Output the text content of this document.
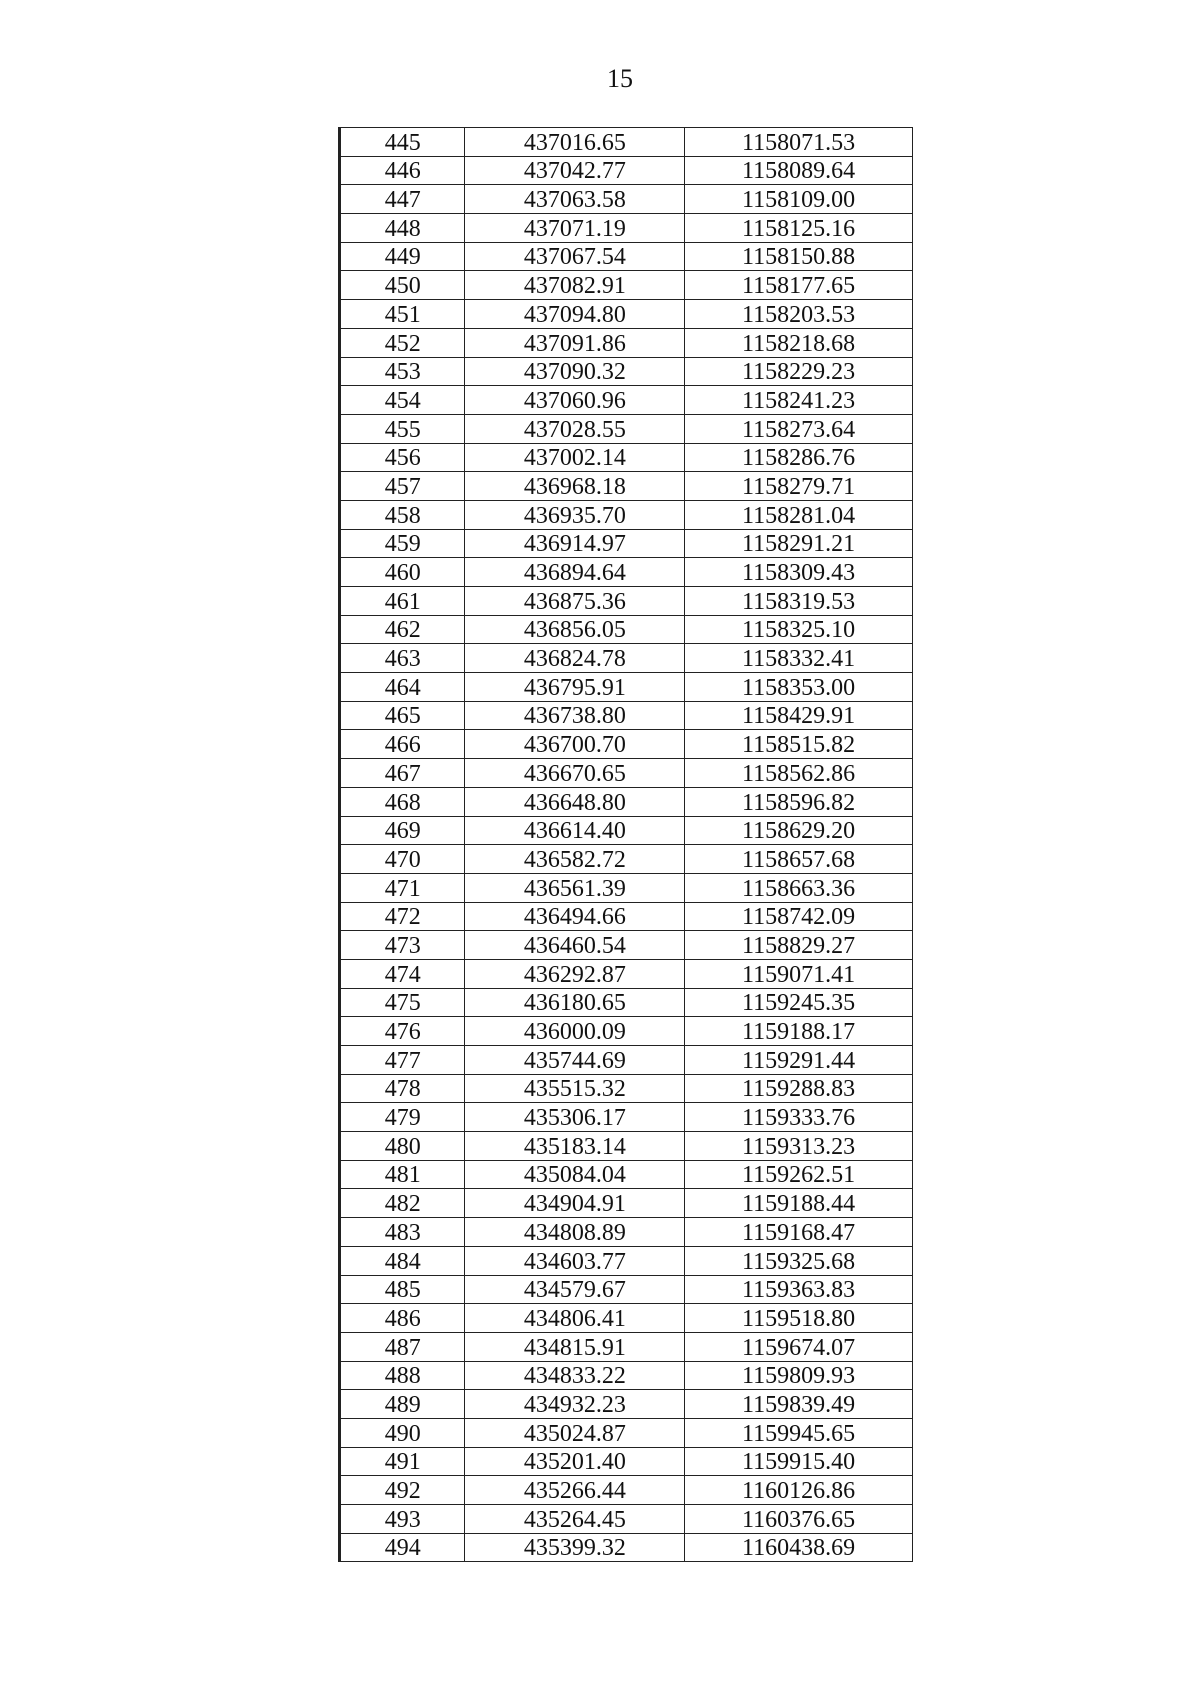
15
445	437016.65	1158071.53
446	437042.77	1158089.64
447	437063.58	1158109.00
448	437071.19	1158125.16
449	437067.54	1158150.88
450	437082.91	1158177.65
451	437094.80	1158203.53
452	437091.86	1158218.68
453	437090.32	1158229.23
454	437060.96	1158241.23
455	437028.55	1158273.64
456	437002.14	1158286.76
457	436968.18	1158279.71
458	436935.70	1158281.04
459	436914.97	1158291.21
460	436894.64	1158309.43
461	436875.36	1158319.53
462	436856.05	1158325.10
463	436824.78	1158332.41
464	436795.91	1158353.00
465	436738.80	1158429.91
466	436700.70	1158515.82
467	436670.65	1158562.86
468	436648.80	1158596.82
469	436614.40	1158629.20
470	436582.72	1158657.68
471	436561.39	1158663.36
472	436494.66	1158742.09
473	436460.54	1158829.27
474	436292.87	1159071.41
475	436180.65	1159245.35
476	436000.09	1159188.17
477	435744.69	1159291.44
478	435515.32	1159288.83
479	435306.17	1159333.76
480	435183.14	1159313.23
481	435084.04	1159262.51
482	434904.91	1159188.44
483	434808.89	1159168.47
484	434603.77	1159325.68
485	434579.67	1159363.83
486	434806.41	1159518.80
487	434815.91	1159674.07
488	434833.22	1159809.93
489	434932.23	1159839.49
490	435024.87	1159945.65
491	435201.40	1159915.40
492	435266.44	1160126.86
493	435264.45	1160376.65
494	435399.32	1160438.69
